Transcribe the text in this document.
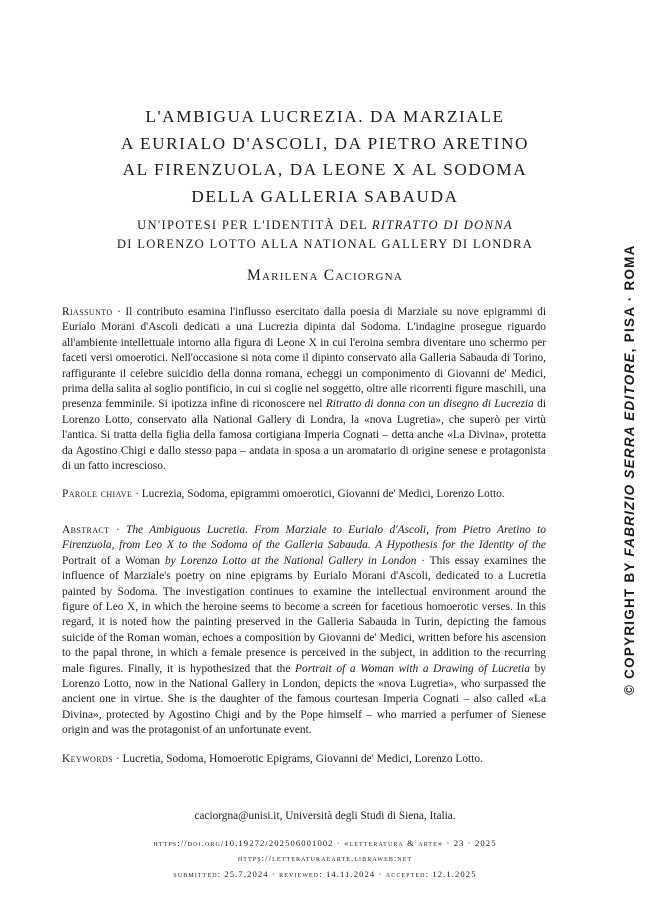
L'AMBIGUA LUCREZIA. DA MARZIALE
A EURIALO D'ASCOLI, DA PIETRO ARETINO
AL FIRENZUOLA, DA LEONE X AL SODOMA
DELLA GALLERIA SABAUDA
UN'IPOTESI PER L'IDENTITÀ DEL RITRATTO DI DONNA
DI LORENZO LOTTO ALLA NATIONAL GALLERY DI LONDRA
Marilena Caciorgna

Riassunto · Il contributo esamina l'influsso esercitato dalla poesia di Marziale su nove epigrammi di Eurialo Morani d'Ascoli dedicati a una Lucrezia dipinta dal Sodoma. L'indagine prosegue riguardo all'ambiente intellettuale intorno alla figura di Leone X in cui l'eroina sembra diventare uno schermo per faceti versi omoerotici. Nell'occasione si nota come il dipinto conservato alla Galleria Sabauda di Torino, raffigurante il celebre suicidio della donna romana, echeggi un componimento di Giovanni de' Medici, prima della salita al soglio pontificio, in cui si coglie nel soggetto, oltre alle ricorrenti figure maschili, una presenza femminile. Si ipotizza infine di riconoscere nel Ritratto di donna con un disegno di Lucrezia di Lorenzo Lotto, conservato alla National Gallery di Londra, la «nova Lugretia», che superò per virtù l'antica. Si tratta della figlia della famosa cortigiana Imperia Cognati – detta anche «La Divina», protetta da Agostino Chigi e dallo stesso papa – andata in sposa a un aromatario di origine senese e protagonista di un fatto increscioso.

Parole chiave · Lucrezia, Sodoma, epigrammi omoerotici, Giovanni de' Medici, Lorenzo Lotto.

Abstract · The Ambiguous Lucretia. From Marziale to Eurialo d'Ascoli, from Pietro Aretino to Firenzuola, from Leo X to the Sodoma of the Galleria Sabauda. A Hypothesis for the Identity of the Portrait of a Woman by Lorenzo Lotto at the National Gallery in London · This essay examines the influence of Marziale's poetry on nine epigrams by Eurialo Morani d'Ascoli, dedicated to a Lucretia painted by Sodoma. The investigation continues to examine the intellectual environment around the figure of Leo X, in which the heroine seems to become a screen for facetious homoerotic verses. In this regard, it is noted how the painting preserved in the Galleria Sabauda in Turin, depicting the famous suicide of the Roman woman, echoes a composition by Giovanni de' Medici, written before his ascension to the papal throne, in which a female presence is perceived in the subject, in addition to the recurring male figures. Finally, it is hypothesized that the Portrait of a Woman with a Drawing of Lucretia by Lorenzo Lotto, now in the National Gallery in London, depicts the «nova Lugretia», who surpassed the ancient one in virtue. She is the daughter of the famous courtesan Imperia Cognati – also called «La Divina», protected by Agostino Chigi and by the Pope himself – who married a perfumer of Sienese origin and was the protagonist of an unfortunate event.

Keywords · Lucretia, Sodoma, Homoerotic Epigrams, Giovanni de' Medici, Lorenzo Lotto.

caciorgna@unisi.it, Università degli Studi di Siena, Italia.
https://doi.org/10.19272/202506001002 · «letteratura & arte» · 23 · 2025
https://letteraturaearte.libraweb.net
submitted: 25.7.2024 · reviewed: 14.11.2024 · accepted: 12.1.2025
© COPYRIGHT BY FABRIZIO SERRA EDITORE, PISA · ROMA
